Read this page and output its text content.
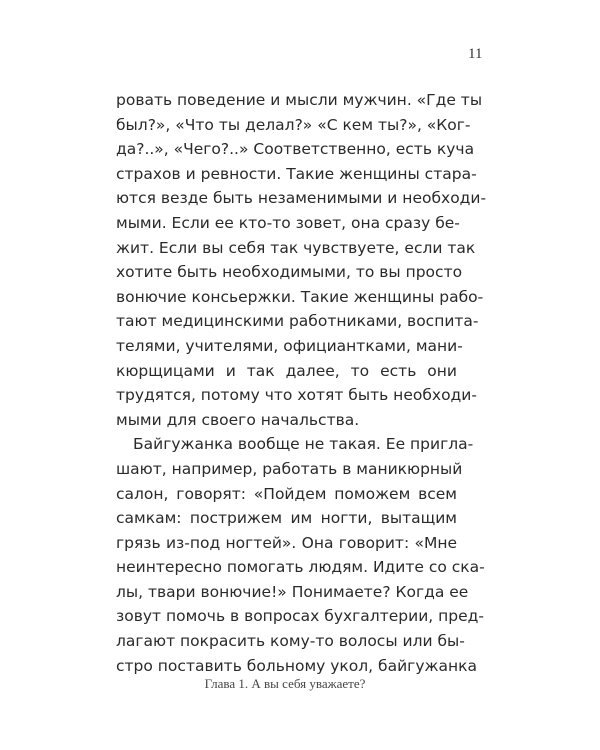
11
ровать поведение и мысли мужчин. «Где ты
был?», «Что ты делал?» «С кем ты?», «Ког-
да?..», «Чего?..» Соответственно, есть куча
страхов и ревности. Такие женщины стара-
ются везде быть незаменимыми и необходи-
мыми. Если ее кто-то зовет, она сразу бе-
жит. Если вы себя так чувствуете, если так
хотите быть необходимыми, то вы просто
вонючие консьержки. Такие женщины рабо-
тают медицинскими работниками, воспита-
телями, учителями, официантками, мани-
кюрщицами и так далее, то есть они
трудятся, потому что хотят быть необходи-
мыми для своего начальства.
Байгужанка вообще не такая. Ее пригла-
шают, например, работать в маникюрный
салон, говорят: «Пойдем поможем всем
самкам: пострижем им ногти, вытащим
грязь из-под ногтей». Она говорит: «Мне
неинтересно помогать людям. Идите со ска-
лы, твари вонючие!» Понимаете? Когда ее
зовут помочь в вопросах бухгалтерии, пред-
лагают покрасить кому-то волосы или бы-
стро поставить больному укол, байгужанка
Глава 1. А вы себя уважаете?
